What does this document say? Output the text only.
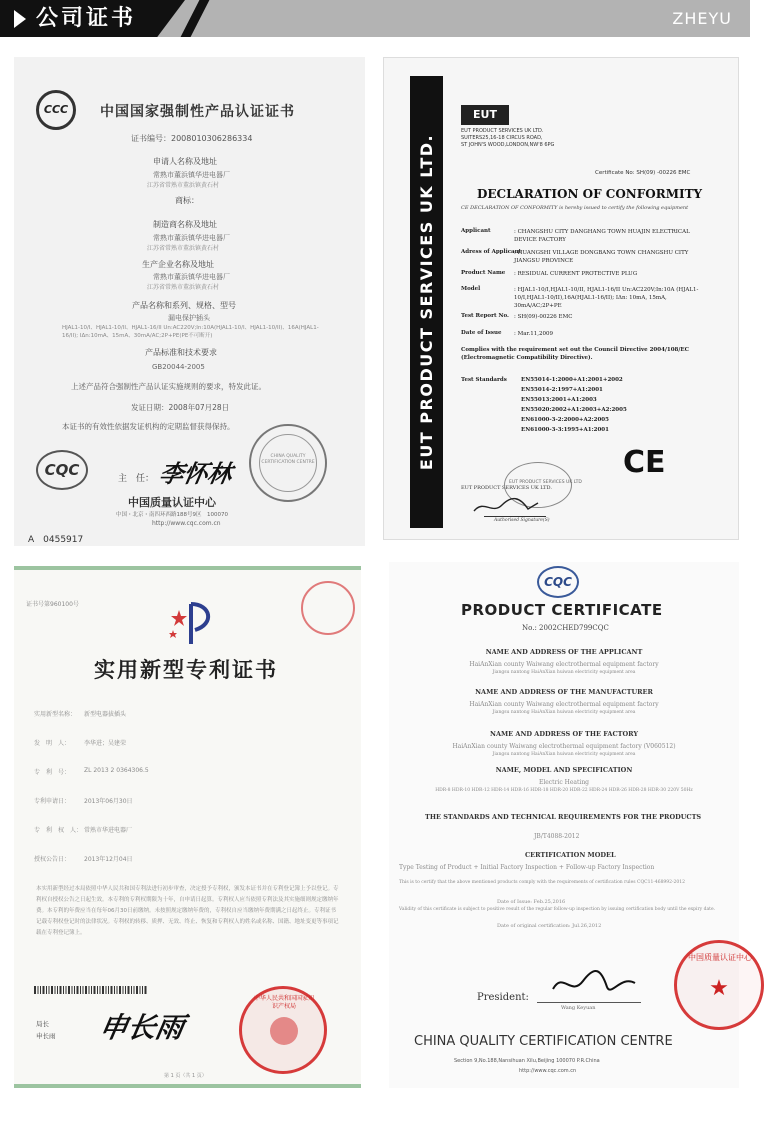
公司证书	ZHEYU
CCC	中国国家强制性产品认证证书
证书编号：2008010306286334
申请人名称及地址
常熟市董浜镇华进电器厂
江苏省常熟市董浜镇黄石村
商标：
制造商名称及地址
常熟市董浜镇华进电器厂
江苏省常熟市董浜镇黄石村
生产企业名称及地址
常熟市董浜镇华进电器厂
江苏省常熟市董浜镇黄石村
产品名称和系列、规格、型号
漏电保护插头
HJAL1-10/I、HJAL1-10/II、HJAL1-16/II Un:AC220V;In:10A(HJAL1-10/I、HJAL1-10/II)、16A(HJAL1-16/II); IΔn:10mA、15mA、30mA/AC;2P+PE(PE不可断开)
产品标准和技术要求
GB20044-2005
上述产品符合强制性产品认证实施规则的要求，特发此证。
发证日期：2008年07月28日
本证书的有效性依据发证机构的定期监督获得保持。
CQC	主　任： 李怀林
CHINA QUALITY CERTIFICATION CENTRE
中国质量认证中心
中国・北京・南四环西路188号9区　100070
http://www.cqc.com.cn
A　0455917
EUT PRODUCT SERVICES UK LTD.
EUT
EUT PRODUCT SERVICES UK LTD.
SUITERS25,16-18 CIRCUS ROAD,
ST JOHN'S WOOD,LONDON,NW'8 6PG
Certificate No: SH(09) -00226 EMC
DECLARATION OF CONFORMITY
CE DECLARATION OF CONFORMITY is hereby issued to certify the following equipment
Complies with the requirement set out the Council Directive 2004/108/EC (Electromagnetic Compatibility Directive).
Test Standards
CE
EUT PRODUCT SERVICES UK LTD.
EUT PRODUCT SERVICES UK LTD
Authorised Signature(S)
Applicant	: CHANGSHU CITY DANGHANG TOWN HUAJIN ELECTRICAL DEVICE FACTORY
Adress of Applicant
: HUANGSHI VILLAGE DONGBANG TOWN CHANGSHU CITY JIANGSU PROVINCE
Product Name : RESIDUAL CURRENT PROTECTIVE PLUG
Model	: HJAL1-10/I,HJAL1-10/II, HJAL1-16/II Un:AC220V;In:10A (HJAL1-10/I,HJAL1-10/II),16A(HJAL1-16/II); IΔn: 10mA, 15mA, 30mA/AC;2P+PE
Test Report No. : SH(09)-00226 EMC
Date of Issue : Mar.11,2009
EN55014-1:2000+A1:2001+2002
EN55014-2:1997+A1:2001
EN55013:2001+A1:2003
EN55020:2002+A1:2003+A2:2005
EN61000-3-2:2000+A2:2005
EN61000-3-3:1995+A1:2001
证书号第960100号
实用新型专利证书
本实用新型经过本局依照中华人民共和国专利法进行初步审查，决定授予专利权，颁发本证书并在专利登记簿上予以登记。专利权自授权公告之日起生效。本专利的专利权期限为十年，自申请日起算。专利权人应当依照专利法及其实施细则规定缴纳年费。本专利的年费应当在每年06月30日前缴纳。未按照规定缴纳年费的，专利权自应当缴纳年费期满之日起终止。专利证书记载专利权登记时的法律状况。专利权的转移、质押、无效、终止、恢复和专利权人的姓名或名称、国籍、地址变更等事项记载在专利登记簿上。
局长
申长雨 申长雨
中华人民共和国国家知识产权局
第 1 页（共 1 页）
实用新型名称： 新型电器拔插头
发　明　人： 李华进；吴建荣
专　利　号： ZL 2013 2 0364306.5
专利申请日： 2013年06月30日
专　利　权　人： 常熟市华进电器厂
授权公告日： 2013年12月04日
CQC
PRODUCT CERTIFICATE
No.: 2002CHED799CQC
THE STANDARDS AND TECHNICAL REQUIREMENTS FOR THE PRODUCTS
JB/T4088-2012
CERTIFICATION MODEL
Type Testing of Product + Initial Factory Inspection + Follow-up Factory Inspection
This is to certify that the above mentioned products comply with the requirements of certification rules CQC11-468992-2012
Date of Issue: Feb.25,2016
Validity of this certificate is subject to positive result of the regular follow-up inspection by issuing certification body until the expiry date.
Date of original certification: Jul.26,2012
President:
Wang Keyuan
CHINA QUALITY CERTIFICATION CENTRE
Section 9,No.188,Nansihuan Xilu,Beijing 100070 P.R.China
http://www.cqc.com.cn
中国质量认证中心
★
NAME AND ADDRESS OF THE APPLICANT
HaiAnXian county Waiwang electrothermal equipment factory
Jiangsu nantong HaiAnXian huiwan electricity equipment area
NAME AND ADDRESS OF THE MANUFACTURER
HaiAnXian county Waiwang electrothermal equipment factory
Jiangsu nantong HaiAnXian huiwan electricity equipment area
NAME AND ADDRESS OF THE FACTORY
HaiAnXian county Waiwang electrothermal equipment factory (V060512)
Jiangsu nantong HaiAnXian huiwan electricity equipment area
NAME, MODEL AND SPECIFICATION
Electric Heating
HDR-8 HDR-10 HDR-12 HDR-14 HDR-16 HDR-18 HDR-20 HDR-22 HDR-24 HDR-26 HDR-28 HDR-30 220V 50Hz
